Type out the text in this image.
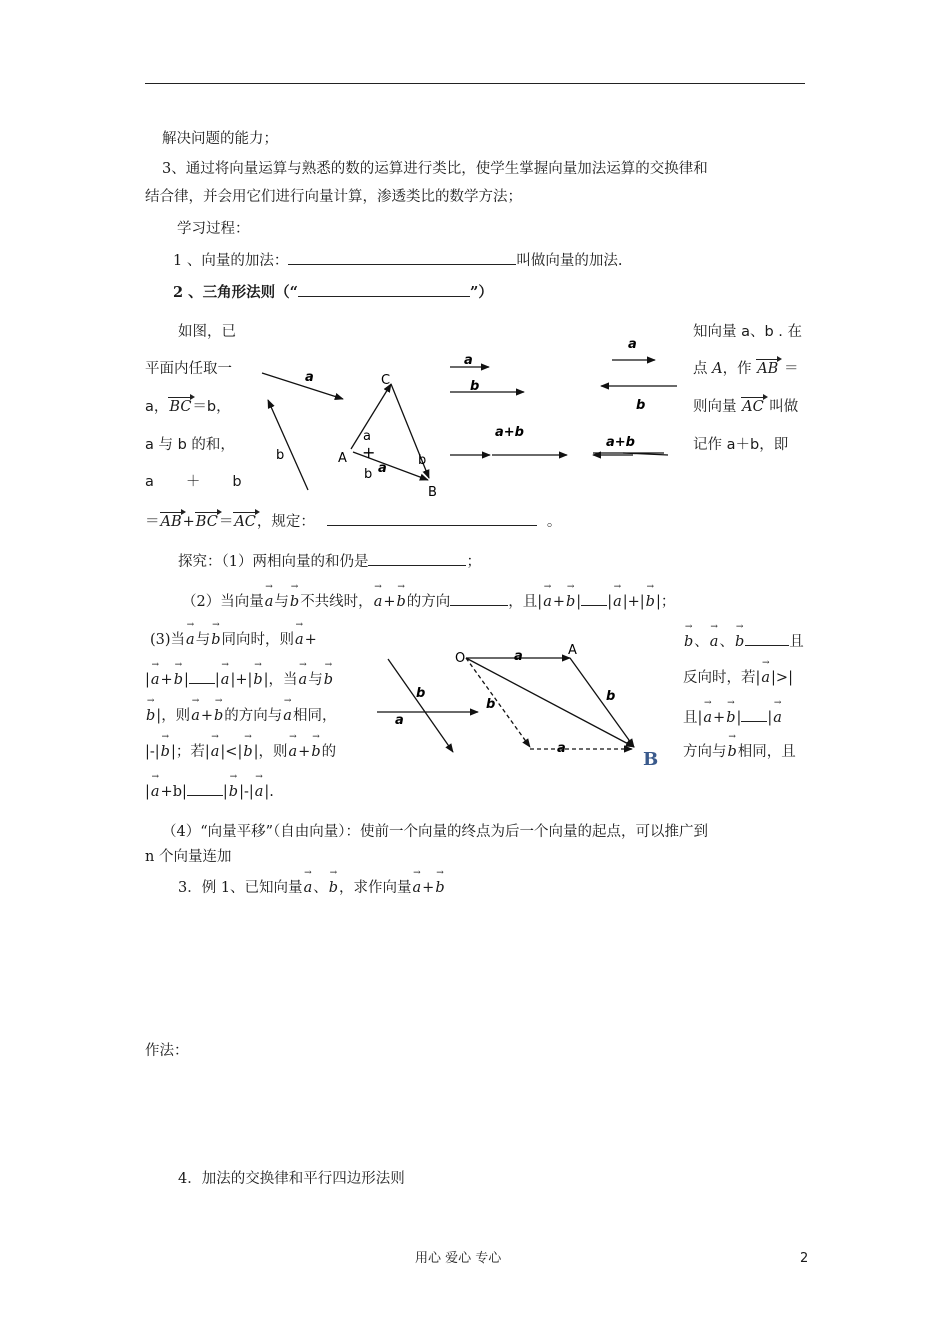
解决问题的能力；
3、通过将向量运算与熟悉的数的运算进行类比，使学生掌握向量加法运算的交换律和
结合律，并会用它们进行向量计算，渗透类比的数学方法；
学习过程：
1 、向量的加法：	叫做向量的加法.
2 、三角形法则（“	”）
如图，已
平面内任取一
a，BC＝b，
a 与 b 的和，
a ＋ b
知向量 a、b . 在
点 A，作 AB ＝
则向量 AC 叫做
记作 a＋b，即
＝AB+BC＝AC，规定：	。
探究：（1）两相向量的和仍是	；
（2）当向量→ a与→ b不共线时，→ a+→ b的方向	，且|→ a+→ b| |→ a|+|→ b|；
(3)当→ a与→ b同向时，则→ a+
|→ a+→ b| |→ a|+|→ b|，当→ a与→ b
→ b|，则→ a+→ b的方向与→ a相同，
|-|→ b|；若|→ a|<|→ b|，则→ a+→ b的
|→ a+b| |→ b|-|→ a|.
→ b、→ a、→ b	且
反向时，若|→ a|>|
且|→ a+→ b| |→ a
方向与→ b相同，且
（4）“向量平移”（自由向量）：使前一个向量的终点为后一个向量的起点，可以推广到
n 个向量连加
3．例 1、已知向量→ a、→ b，求作向量→ a+→ b
作法：
4．加法的交换律和平行四边形法则
用心 爱心 专心	2
a
b
C
A
B
a
+
b a
b
a
b
a+b
a
b
a+b
b
a
O
A
B
a
b
b
a
